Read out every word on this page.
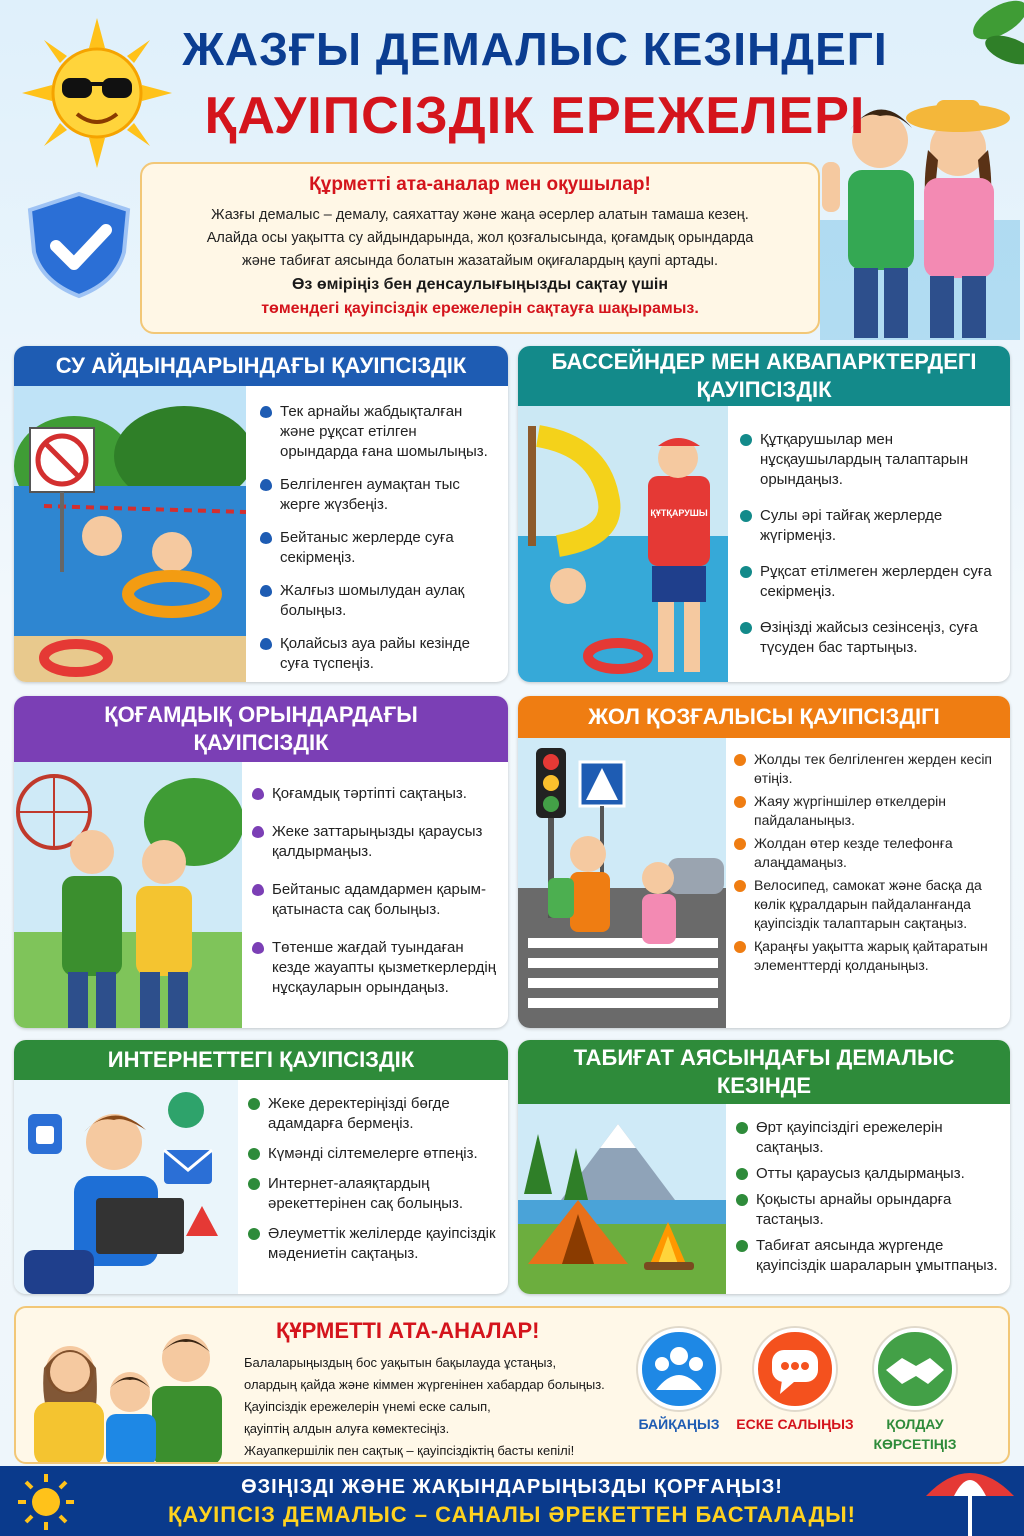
ЖАЗҒЫ ДЕМАЛЫС КЕЗІНДЕГІ
ҚАУІПСІЗДІК ЕРЕЖЕЛЕРІ
Құрметті ата-аналар мен оқушылар!
Жазғы демалыс – демалу, саяхаттау және жаңа әсерлер алатын тамаша кезең.
Алайда осы уақытта су айдындарында, жол қозғалысында, қоғамдық орындарда
және табиғат аясында болатын жазатайым оқиғалардың қаупі артады.
Өз өміріңіз бен денсаулығыңызды сақтау үшін
төмендегі қауіпсіздік ережелерін сақтауға шақырамыз.
СУ АЙДЫНДАРЫНДАҒЫ ҚАУІПСІЗДІК
Тек арнайы жабдықталған және рұқсат етілген орындарда ғана шомылыңыз.
Белгіленген аумақтан тыс жерге жүзбеңіз.
Бейтаныс жерлерде суға секірмеңіз.
Жалғыз шомылудан аулақ болыңыз.
Қолайсыз ауа райы кезінде суға түспеңіз.
БАССЕЙНДЕР МЕН АКВАПАРКТЕРДЕГІ ҚАУІПСІЗДІК
ҚҰТҚАРУШЫ
Құтқарушылар мен нұсқаушылардың талаптарын орындаңыз.
Сулы әрі тайғақ жерлерде жүгірмеңіз.
Рұқсат етілмеген жерлерден суға секірмеңіз.
Өзіңізді жайсыз сезінсеңіз, суға түсуден бас тартыңыз.
ҚОҒАМДЫҚ ОРЫНДАРДАҒЫ ҚАУІПСІЗДІК
Қоғамдық тәртіпті сақтаңыз.
Жеке заттарыңызды қараусыз қалдырмаңыз.
Бейтаныс адамдармен қарым-қатынаста сақ болыңыз.
Төтенше жағдай туындаған кезде жауапты қызметкерлердің нұсқауларын орындаңыз.
ЖОЛ ҚОЗҒАЛЫСЫ ҚАУІПСІЗДІГІ
Жолды тек белгіленген жерден кесіп өтіңіз.
Жаяу жүргіншілер өткелдерін пайдаланыңыз.
Жолдан өтер кезде телефонға алаңдамаңыз.
Велосипед, самокат және басқа да көлік құралдарын пайдаланғанда қауіпсіздік талаптарын сақтаңыз.
Қараңғы уақытта жарық қайтаратын элементтерді қолданыңыз.
ИНТЕРНЕТТЕГІ ҚАУІПСІЗДІК
Жеке деректеріңізді бөгде адамдарға бермеңіз.
Күмәнді сілтемелерге өтпеңіз.
Интернет-алаяқтардың әрекеттерінен сақ болыңыз.
Әлеуметтік желілерде қауіпсіздік мәдениетін сақтаңыз.
ТАБИҒАТ АЯСЫНДАҒЫ ДЕМАЛЫС КЕЗІНДЕ
Өрт қауіпсіздігі ережелерін сақтаңыз.
Отты қараусыз қалдырмаңыз.
Қоқысты арнайы орындарға тастаңыз.
Табиғат аясында жүргенде қауіпсіздік шараларын ұмытпаңыз.
ҚҰРМЕТТІ АТА-АНАЛАР!
Балаларыңыздың бос уақытын бақылауда ұстаңыз,
олардың қайда және кіммен жүргенінен хабардар болыңыз.
Қауіпсіздік ережелерін үнемі еске салып,
қауіптің алдын алуға көмектесіңіз.
Жауапкершілік пен сақтық – қауіпсіздіктің басты кепілі!
БАЙҚАҢЫЗ	ЕСКЕ САЛЫҢЫЗ	ҚОЛДАУ КӨРСЕТІҢІЗ
ӨЗІҢІЗДІ ЖӘНЕ ЖАҚЫНДАРЫҢЫЗДЫ ҚОРҒАҢЫЗ!
ҚАУІПСІЗ ДЕМАЛЫС – САНАЛЫ ӘРЕКЕТТЕН БАСТАЛАДЫ!
